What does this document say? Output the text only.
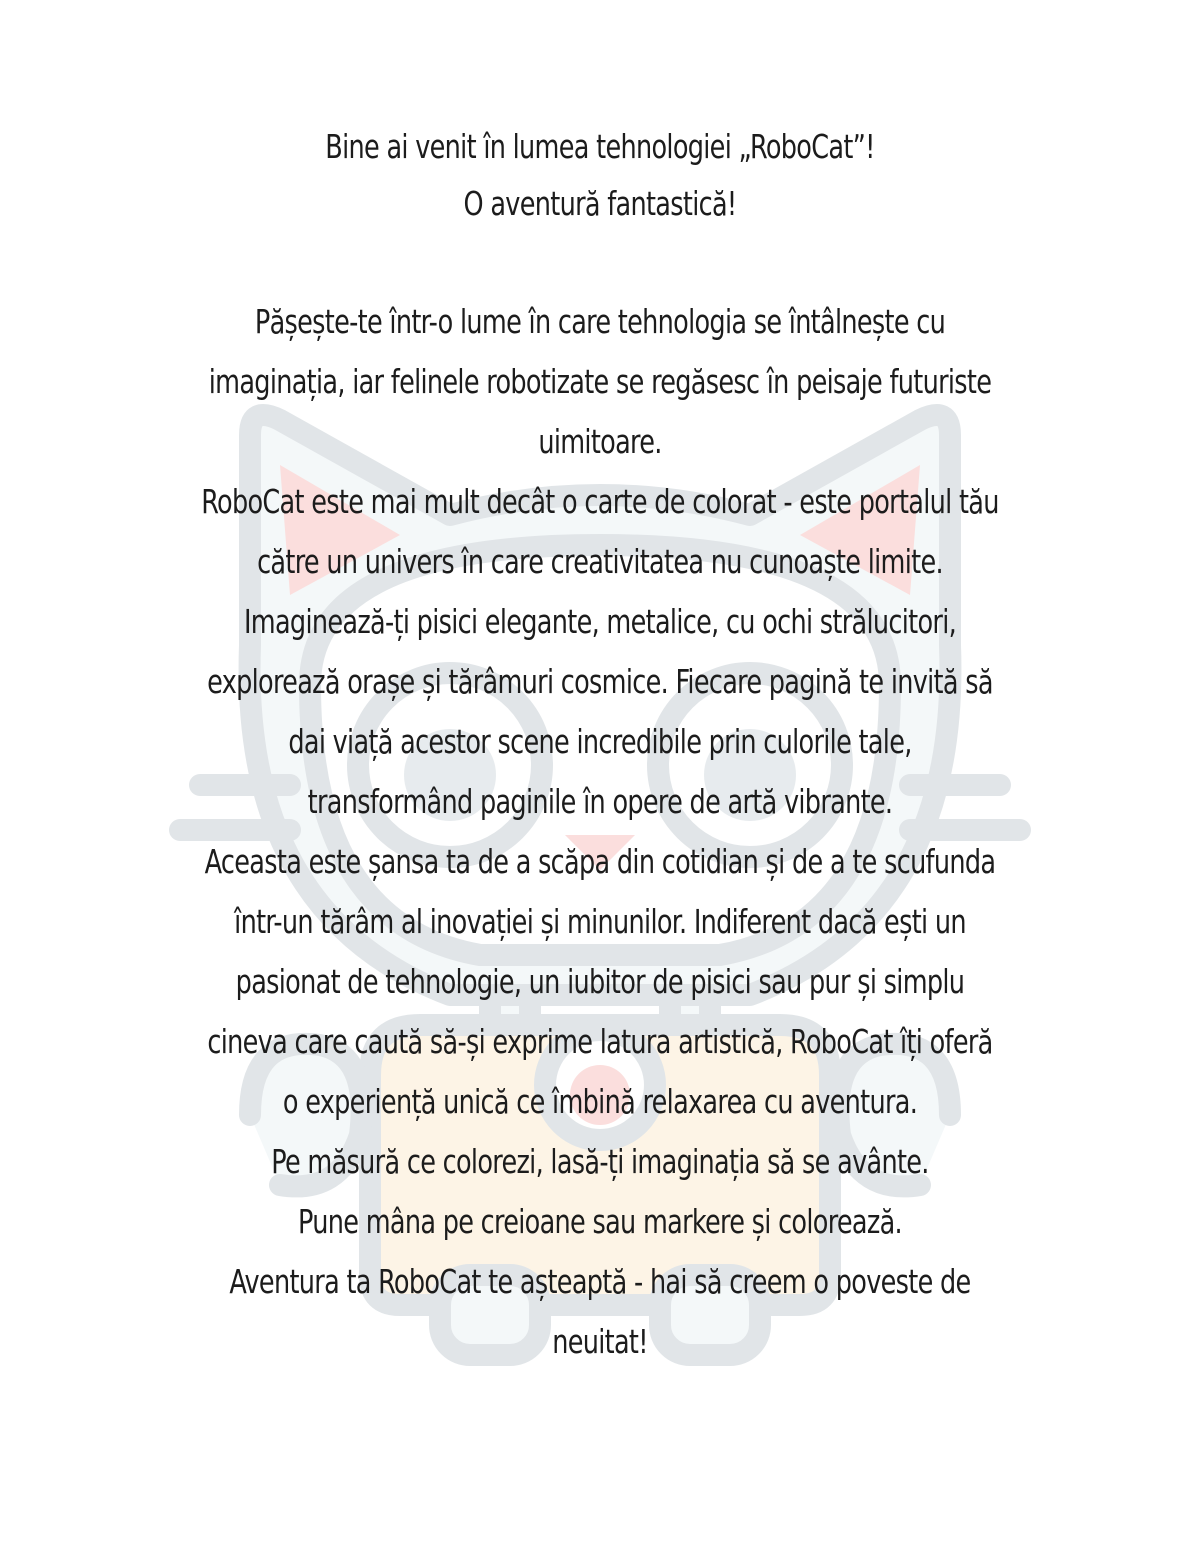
Bine ai venit în lumea tehnologiei „RoboCat”!
O aventură fantastică!
Pășește-te într-o lume în care tehnologia se întâlnește cu
imaginația, iar felinele robotizate se regăsesc în peisaje futuriste
uimitoare.
RoboCat este mai mult decât o carte de colorat - este portalul tău
către un univers în care creativitatea nu cunoaște limite.
Imaginează-ți pisici elegante, metalice, cu ochi strălucitori,
explorează orașe și tărâmuri cosmice. Fiecare pagină te invită să
dai viață acestor scene incredibile prin culorile tale,
transformând paginile în opere de artă vibrante.
Aceasta este șansa ta de a scăpa din cotidian și de a te scufunda
într-un tărâm al inovației și minunilor. Indiferent dacă ești un
pasionat de tehnologie, un iubitor de pisici sau pur și simplu
cineva care caută să-și exprime latura artistică, RoboCat îți oferă
o experiență unică ce îmbină relaxarea cu aventura.
Pe măsură ce colorezi, lasă-ți imaginația să se avânte.
Pune mâna pe creioane sau markere și colorează.
Aventura ta RoboCat te așteaptă - hai să creem o poveste de
neuitat!
